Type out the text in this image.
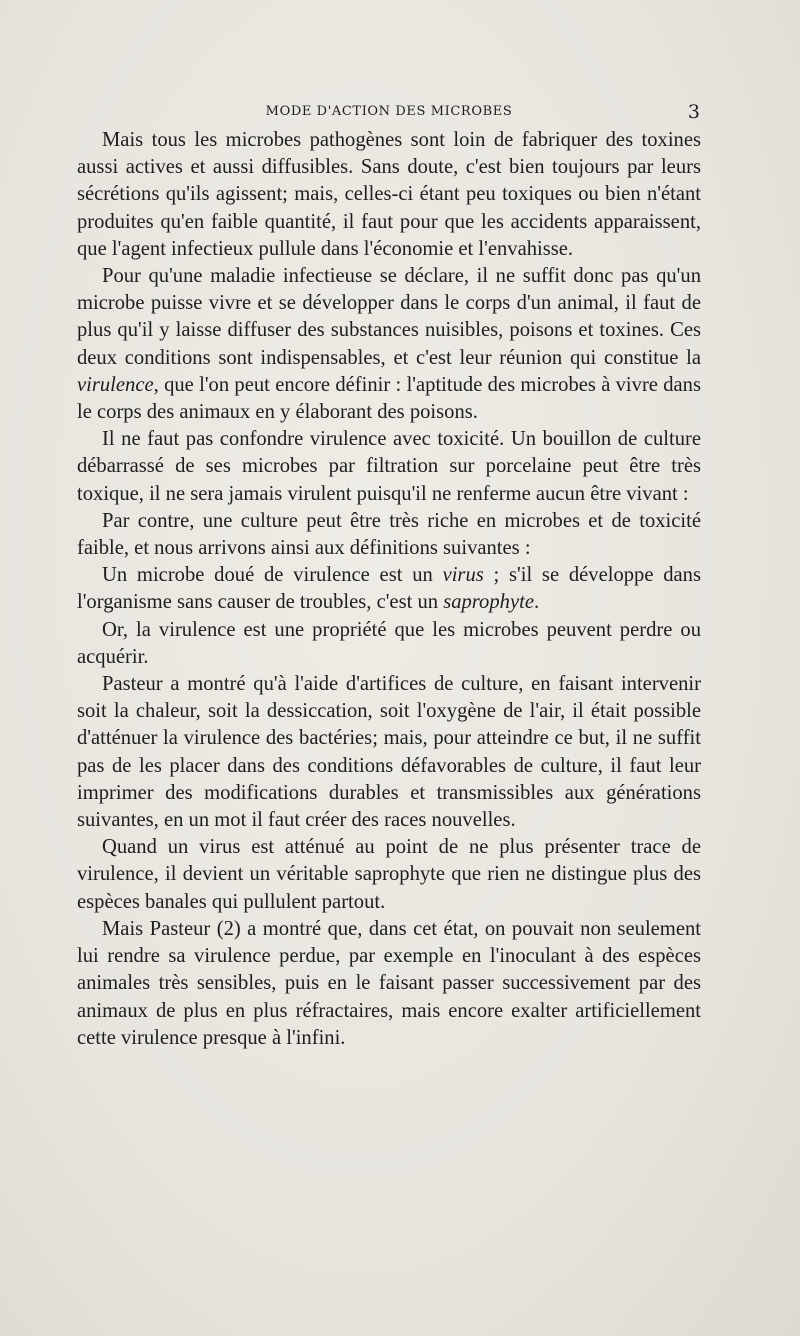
MODE D'ACTION DES MICROBES	3

Mais tous les microbes pathogènes sont loin de fabriquer des toxines aussi actives et aussi diffusibles. Sans doute, c'est bien toujours par leurs sécrétions qu'ils agissent; mais, celles-ci étant peu toxiques ou bien n'étant produites qu'en faible quantité, il faut pour que les accidents apparaissent, que l'agent infectieux pullule dans l'économie et l'envahisse.

Pour qu'une maladie infectieuse se déclare, il ne suffit donc pas qu'un microbe puisse vivre et se développer dans le corps d'un animal, il faut de plus qu'il y laisse diffuser des substances nuisibles, poisons et toxines. Ces deux conditions sont indispensables, et c'est leur réunion qui constitue la virulence, que l'on peut encore définir : l'aptitude des microbes à vivre dans le corps des animaux en y élaborant des poisons.

Il ne faut pas confondre virulence avec toxicité. Un bouillon de culture débarrassé de ses microbes par filtration sur porcelaine peut être très toxique, il ne sera jamais virulent puisqu'il ne renferme aucun être vivant :

Par contre, une culture peut être très riche en microbes et de toxicité faible, et nous arrivons ainsi aux définitions suivantes :

Un microbe doué de virulence est un virus ; s'il se développe dans l'organisme sans causer de troubles, c'est un saprophyte.

Or, la virulence est une propriété que les microbes peuvent perdre ou acquérir.

Pasteur a montré qu'à l'aide d'artifices de culture, en faisant intervenir soit la chaleur, soit la dessiccation, soit l'oxygène de l'air, il était possible d'atténuer la virulence des bactéries; mais, pour atteindre ce but, il ne suffit pas de les placer dans des conditions défavorables de culture, il faut leur imprimer des modifications durables et transmissibles aux générations suivantes, en un mot il faut créer des races nouvelles.

Quand un virus est atténué au point de ne plus présenter trace de virulence, il devient un véritable saprophyte que rien ne distingue plus des espèces banales qui pullulent partout.

Mais Pasteur (2) a montré que, dans cet état, on pouvait non seulement lui rendre sa virulence perdue, par exemple en l'inoculant à des espèces animales très sensibles, puis en le faisant passer successivement par des animaux de plus en plus réfractaires, mais encore exalter artificiellement cette virulence presque à l'infini.
